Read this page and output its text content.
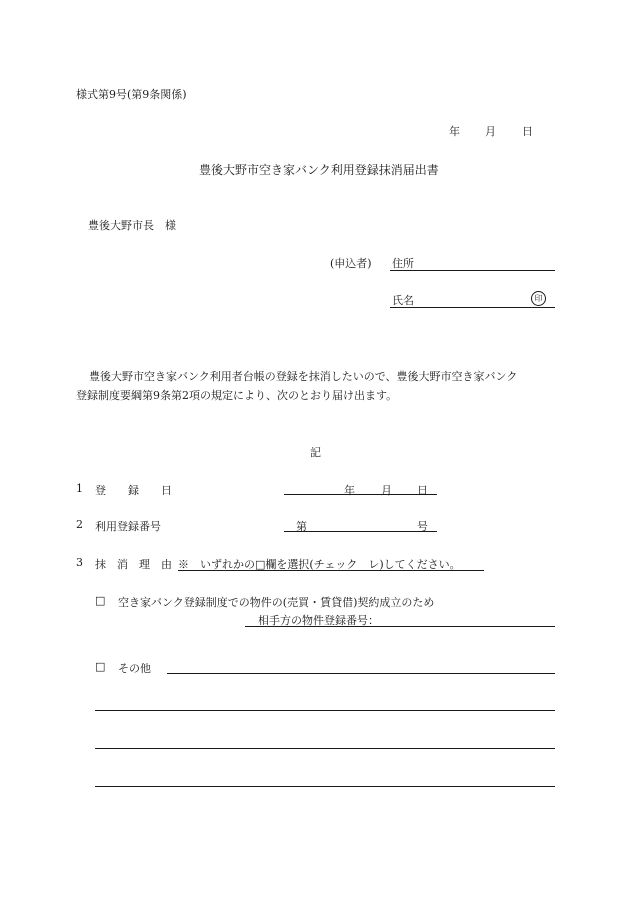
様式第9号(第9条関係)
年 月 日
豊後大野市空き家バンク利用登録抹消届出書
豊後大野市長　様
(申込者) 住所
氏名	印
豊後大野市空き家バンク利用者台帳の登録を抹消したいので、豊後大野市空き家バンク
登録制度要綱第9条第2項の規定により、次のとおり届け出ます。
記
1 登　　録　　日	年 月 日
2 利用登録番号	第	号
3 抹　消　理　由 ※　いずれかの□欄を選択(チェック　レ)してください。
□ 空き家バンク登録制度での物件の(売買・賃貸借)契約成立のため
相手方の物件登録番号：
□ その他
